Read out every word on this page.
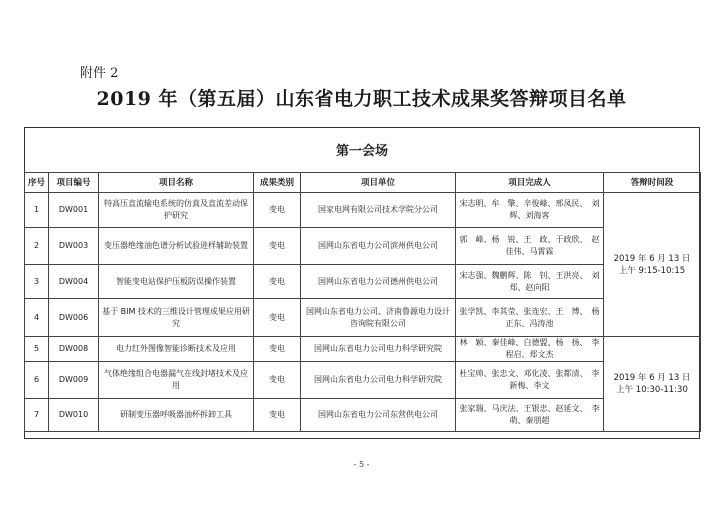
附件 2
2019 年（第五届）山东省电力职工技术成果奖答辩项目名单
第一会场
序号	项目编号	项目名称	成果类别	项目单位	项目完成人	答辩时间段
1	DW001	特高压直流输电系统的仿真及直流差动保护研究	变电	国家电网有限公司技术学院分公司	宋志明、牟　擎、辛俊峰、邢凤民、　刘　辉、刘海客	2019 年 6 月 13 日
上午 9:15-10:15

2	DW003	变压器绝缘油色谱分析试验进样辅助装置	变电	国网山东省电力公司滨州供电公司	郭　峰、杨　锐、王　政、于政欣、　赵佳伟、马霄霖	
3	DW004	智能变电站保护压板防误操作装置	变电	国网山东省电力公司德州供电公司	宋志强、魏鹏辉、陈　钊、王洪亮、　刘　郑、赵向阳	
4	DW006	基于 BIM 技术的三维设计管理成果应用研究	变电	国网山东省电力公司、济南鲁源电力设计咨询院有限公司	张学凯、李其莹、张连宏、王　博、　杨正东、冯涛池	
5	DW008	电力红外图像智能诊断技术及应用	变电	国网山东省电力公司电力科学研究院	林　颖、秦佳峰、白德盟、杨　扬、　李程启、郑文杰	2019 年 6 月 13 日
上午 10:30-11:30

6	DW009	气体绝缘组合电器漏气在线封堵技术及应用	变电	国网山东省电力公司电力科学研究院	杜宝帅、张忠文、邓化凌、张都清、　李新梅、李文	
7	DW010	研制变压器呼吸器油杯拆卸工具	变电	国网山东省电力公司东营供电公司	张家瑞、马庆法、王银忠、赵延文、　李　萌、秦朋超	
- 5 -
